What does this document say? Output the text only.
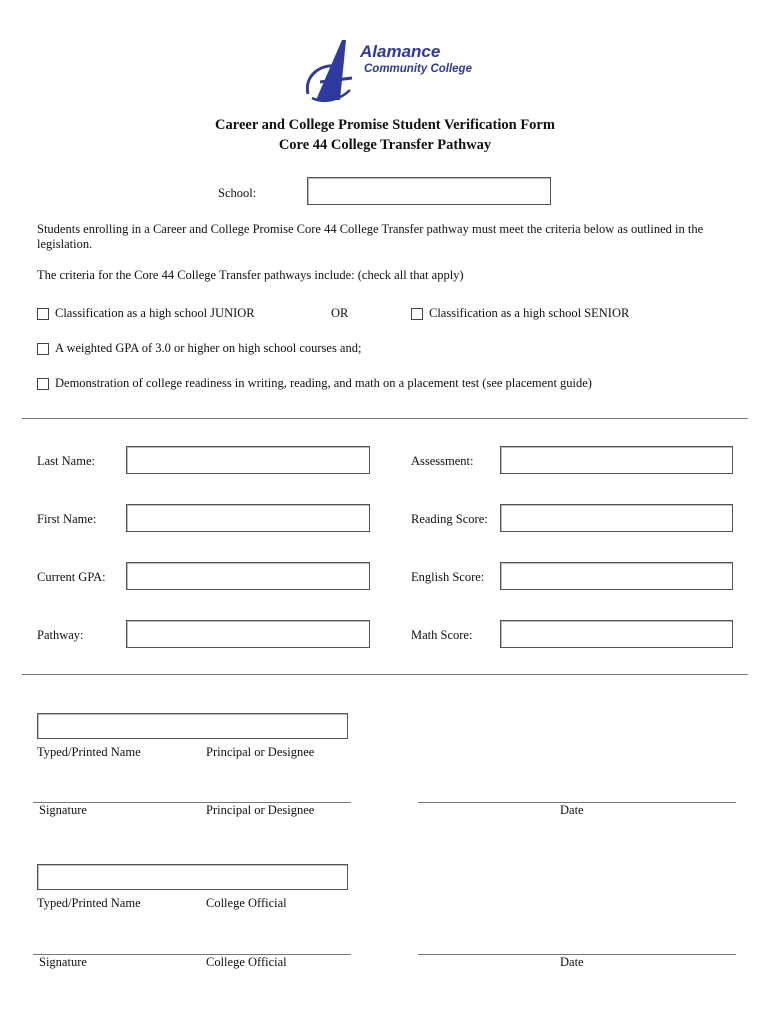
Alamance
Community College
Career and College Promise Student Verification Form
Core 44 College Transfer Pathway
School:
Students enrolling in a Career and College Promise Core 44 College Transfer pathway must meet the criteria below as outlined in the legislation.
The criteria for the Core 44 College Transfer pathways include: (check all that apply)
Classification as a high school JUNIOR	OR	Classification as a high school SENIOR
A weighted GPA of 3.0 or higher on high school courses and;
Demonstration of college readiness in writing, reading, and math on a placement test (see placement guide)
Last Name:
First Name:
Current GPA:
Pathway:
Assessment:
Reading Score:
English Score:
Math Score:
Typed/Printed Name	Principal or Designee
Signature	Principal or Designee	Date
Typed/Printed Name	College Official
Signature	College Official	Date
